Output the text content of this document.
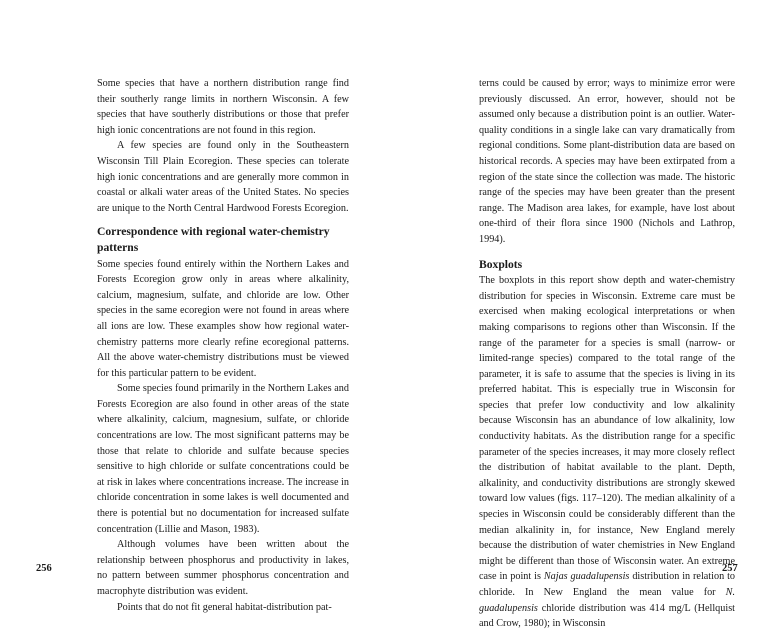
Some species that have a northern distribution range find their southerly range limits in northern Wisconsin. A few species that have southerly distributions or those that prefer high ionic concentrations are not found in this region.

A few species are found only in the Southeastern Wisconsin Till Plain Ecoregion. These species can tolerate high ionic concentrations and are generally more common in coastal or alkali water areas of the United States. No species are unique to the North Central Hardwood Forests Ecoregion.

Correspondence with regional water-chemistry patterns

Some species found entirely within the Northern Lakes and Forests Ecoregion grow only in areas where alkalinity, calcium, magnesium, sulfate, and chloride are low. Other species in the same ecoregion were not found in areas where all ions are low. These examples show how regional water-chemistry patterns more clearly refine ecoregional patterns. All the above water-chemistry distributions must be viewed for this particular pattern to be evident.

Some species found primarily in the Northern Lakes and Forests Ecoregion are also found in other areas of the state where alkalinity, calcium, magnesium, sulfate, or chloride concentrations are low. The most significant patterns may be those that relate to chloride and sulfate because species sensitive to high chloride or sulfate concentrations could be at risk in lakes where concentrations increase. The increase in chloride concentration in some lakes is well documented and there is potential but no documentation for increased sulfate concentration (Lillie and Mason, 1983).

Although volumes have been written about the relationship between phosphorus and productivity in lakes, no pattern between summer phosphorus concentration and macrophyte distribution was evident.

Points that do not fit general habitat-distribution pat-

256

terns could be caused by error; ways to minimize error were previously discussed. An error, however, should not be assumed only because a distribution point is an outlier. Water-quality conditions in a single lake can vary dramatically from regional conditions. Some plant-distribution data are based on historical records. A species may have been extirpated from a region of the state since the collection was made. The historic range of the species may have been greater than the present range. The Madison area lakes, for example, have lost about one-third of their flora since 1900 (Nichols and Lathrop, 1994).

Boxplots

The boxplots in this report show depth and water-chemistry distribution for species in Wisconsin. Extreme care must be exercised when making ecological interpretations or when making comparisons to regions other than Wisconsin. If the range of the parameter for a species is small (narrow- or limited-range species) compared to the total range of the parameter, it is safe to assume that the species is living in its preferred habitat. This is especially true in Wisconsin for species that prefer low conductivity and low alkalinity because Wisconsin has an abundance of low alkalinity, low conductivity habitats. As the distribution range for a specific parameter of the species increases, it may more closely reflect the distribution of habitat available to the plant. Depth, alkalinity, and conductivity distributions are strongly skewed toward low values (figs. 117–120). The median alkalinity of a species in Wisconsin could be considerably different than the median alkalinity in, for instance, New England merely because the distribution of water chemistries in New England might be different than those of Wisconsin water. An extreme case in point is Najas guadalupensis distribution in relation to chloride. In New England the mean value for N. guadalupensis chloride distribution was 414 mg/L (Hellquist and Crow, 1980); in Wisconsin

257
